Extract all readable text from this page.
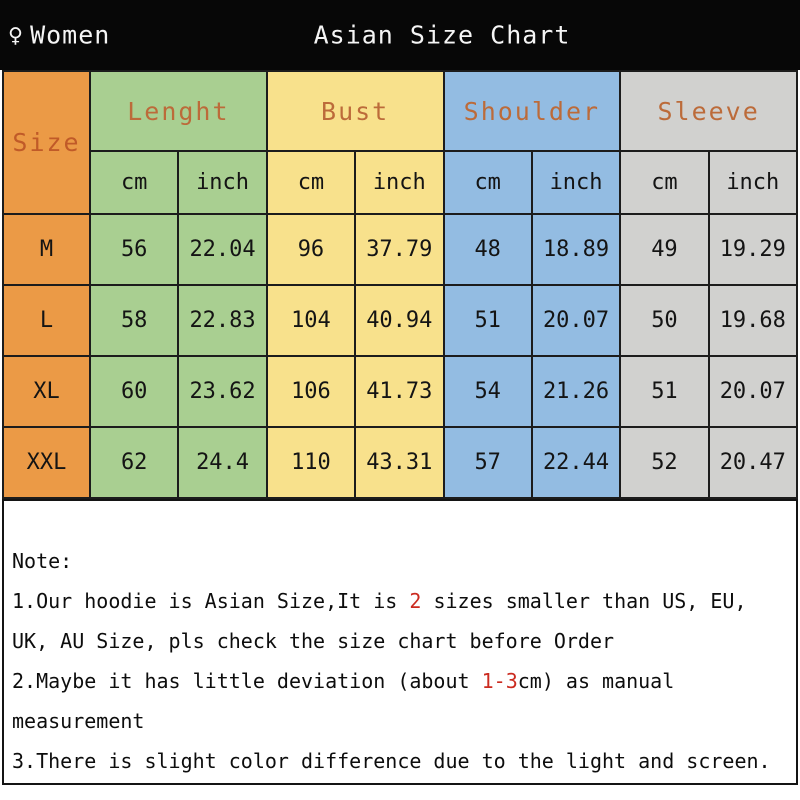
♀ Women	Asian Size Chart
Size	Lenght		Bust		Shoulder		Sleeve	
	cm	inch	cm	inch	cm	inch	cm	inch
M	56	22.04	96	37.79	48	18.89	49	19.29
L	58	22.83	104	40.94	51	20.07	50	19.68
XL	60	23.62	106	41.73	54	21.26	51	20.07
XXL	62	24.4	110	43.31	57	22.44	52	20.47
Note:
1.Our hoodie is Asian Size,It is 2 sizes smaller than US, EU, UK, AU Size, pls check the size chart before Order
2.Maybe it has little deviation (about 1-3cm) as manual measurement
3.There is slight color difference due to the light and screen.
